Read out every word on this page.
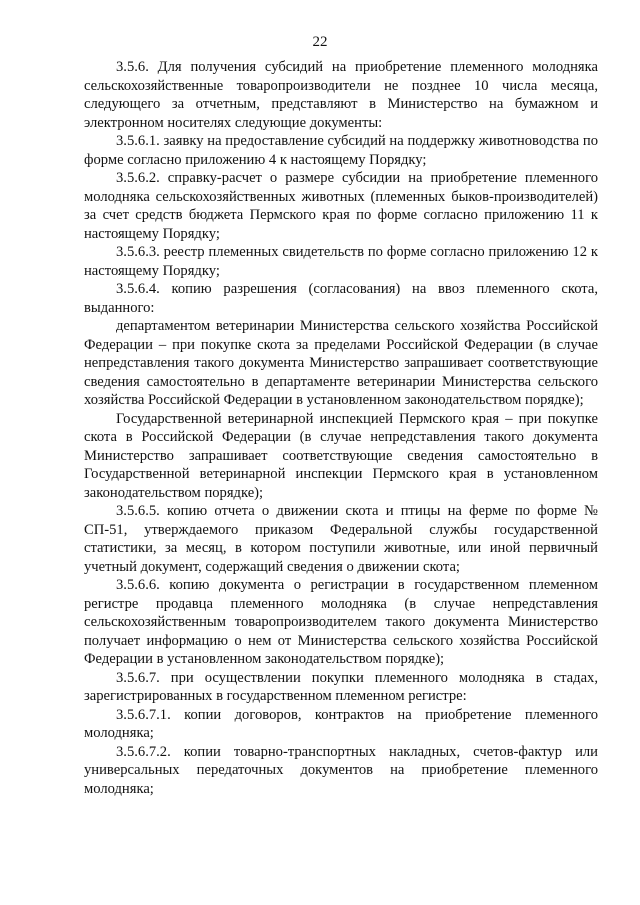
22

3.5.6. Для получения субсидий на приобретение племенного молодняка сельскохозяйственные товаропроизводители не позднее 10 числа месяца, следующего за отчетным, представляют в Министерство на бумажном и электронном носителях следующие документы:

3.5.6.1. заявку на предоставление субсидий на поддержку животноводства по форме согласно приложению 4 к настоящему Порядку;

3.5.6.2. справку-расчет о размере субсидии на приобретение племенного молодняка сельскохозяйственных животных (племенных быков-производителей) за счет средств бюджета Пермского края по форме согласно приложению 11 к настоящему Порядку;

3.5.6.3. реестр племенных свидетельств по форме согласно приложению 12 к настоящему Порядку;

3.5.6.4. копию разрешения (согласования) на ввоз племенного скота, выданного:

департаментом ветеринарии Министерства сельского хозяйства Российской Федерации – при покупке скота за пределами Российской Федерации (в случае непредставления такого документа Министерство запрашивает соответствующие сведения самостоятельно в департаменте ветеринарии Министерства сельского хозяйства Российской Федерации в установленном законодательством порядке);

Государственной ветеринарной инспекцией Пермского края – при покупке скота в Российской Федерации (в случае непредставления такого документа Министерство запрашивает соответствующие сведения самостоятельно в Государственной ветеринарной инспекции Пермского края в установленном законодательством порядке);

3.5.6.5. копию отчета о движении скота и птицы на ферме по форме № СП-51, утверждаемого приказом Федеральной службы государственной статистики, за месяц, в котором поступили животные, или иной первичный учетный документ, содержащий сведения о движении скота;

3.5.6.6. копию документа о регистрации в государственном племенном регистре продавца племенного молодняка (в случае непредставления сельскохозяйственным товаропроизводителем такого документа Министерство получает информацию о нем от Министерства сельского хозяйства Российской Федерации в установленном законодательством порядке);

3.5.6.7. при осуществлении покупки племенного молодняка в стадах, зарегистрированных в государственном племенном регистре:

3.5.6.7.1. копии договоров, контрактов на приобретение племенного молодняка;

3.5.6.7.2. копии товарно-транспортных накладных, счетов-фактур или универсальных передаточных документов на приобретение племенного молодняка;
